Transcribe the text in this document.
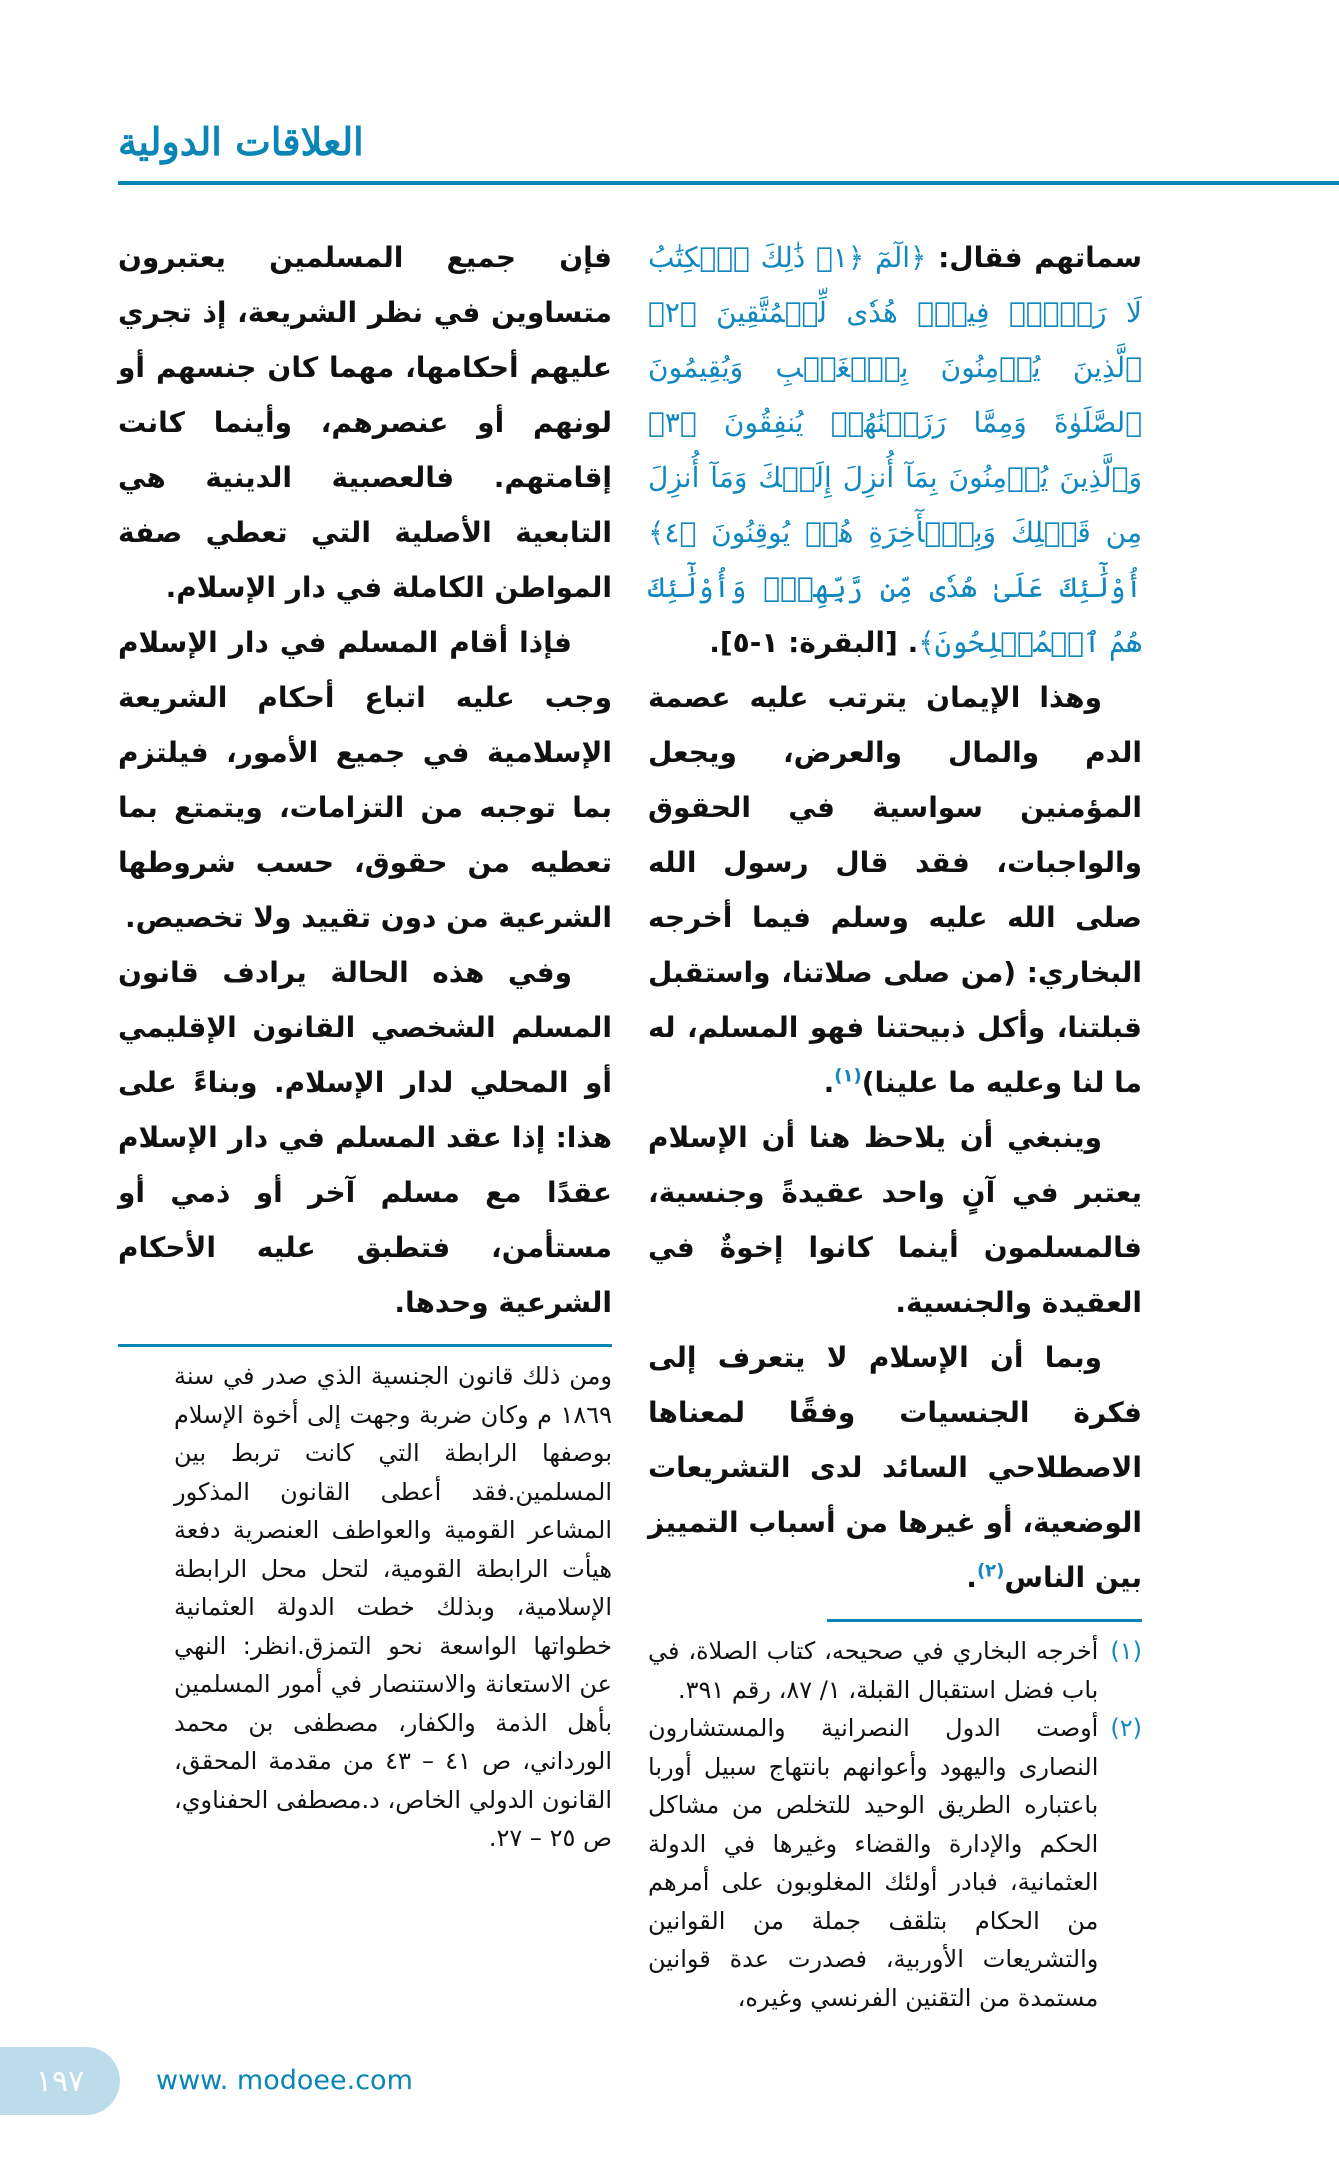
العلاقات الدولية

فإن جميع المسلمين يعتبرون متساوين في نظر الشريعة، إذ تجري عليهم أحكامها، مهما كان جنسهم أو لونهم أو عنصرهم، وأينما كانت إقامتهم. فالعصبية الدينية هي التابعية الأصلية التي تعطي صفة المواطن الكاملة في دار الإسلام.

فإذا أقام المسلم في دار الإسلام وجب عليه اتباع أحكام الشريعة الإسلامية في جميع الأمور، فيلتزم بما توجبه من التزامات، ويتمتع بما تعطيه من حقوق، حسب شروطها الشرعية من دون تقييد ولا تخصيص.

وفي هذه الحالة يرادف قانون المسلم الشخصي القانون الإقليمي أو المحلي لدار الإسلام. وبناءً على هذا: إذا عقد المسلم في دار الإسلام عقدًا مع مسلم آخر أو ذمي أو مستأمن، فتطبق عليه الأحكام الشرعية وحدها.

ومن ذلك قانون الجنسية الذي صدر في سنة ١٨٦٩ م وكان ضربة وجهت إلى أخوة الإسلام بوصفها الرابطة التي كانت تربط بين المسلمين.فقد أعطى القانون المذكور المشاعر القومية والعواطف العنصرية دفعة هيأت الرابطة القومية، لتحل محل الرابطة الإسلامية، وبذلك خطت الدولة العثمانية خطواتها الواسعة نحو التمزق.انظر: النهي عن الاستعانة والاستنصار في أمور المسلمين بأهل الذمة والكفار، مصطفى بن محمد الورداني، ص ٤١ – ٤٣ من مقدمة المحقق، القانون الدولي الخاص، د.مصطفى الحفناوي، ص ٢٥ – ٢٧.

سماتهم فقال: ﴿الٓمٓ ﴿١﴾ ذَٰلِكَ ٱلۡكِتَٰبُ لَا رَيۡبَۛ فِيهِۛ هُدٗى لِّلۡمُتَّقِينَ ﴿٢﴾ ٱلَّذِينَ يُؤۡمِنُونَ بِٱلۡغَيۡبِ وَيُقِيمُونَ ٱلصَّلَوٰةَ وَمِمَّا رَزَقۡنَٰهُمۡ يُنفِقُونَ ﴿٣﴾ وَٱلَّذِينَ يُؤۡمِنُونَ بِمَآ أُنزِلَ إِلَيۡكَ وَمَآ أُنزِلَ مِن قَبۡلِكَ وَبِٱلۡأٓخِرَةِ هُمۡ يُوقِنُونَ ﴿٤﴾ أُوْلَٰٓئِكَ عَلَىٰ هُدٗى مِّن رَّبِّهِمۡۖ وَأُوْلَٰٓئِكَ هُمُ ٱلۡمُفۡلِحُونَ﴾. [البقرة: ١-٥].

وهذا الإيمان يترتب عليه عصمة الدم والمال والعرض، ويجعل المؤمنين سواسية في الحقوق والواجبات، فقد قال رسول الله صلى الله عليه وسلم فيما أخرجه البخاري: (من صلى صلاتنا، واستقبل قبلتنا، وأكل ذبيحتنا فهو المسلم، له ما لنا وعليه ما علينا)$^{(١)}$.

وينبغي أن يلاحظ هنا أن الإسلام يعتبر في آنٍ واحد عقيدةً وجنسية، فالمسلمون أينما كانوا إخوةٌ في العقيدة والجنسية.

وبما أن الإسلام لا يتعرف إلى فكرة الجنسيات وفقًا لمعناها الاصطلاحي السائد لدى التشريعات الوضعية، أو غيرها من أسباب التمييز بين الناس$^{(٢)}$.

(١)
أخرجه البخاري في صحيحه، كتاب الصلاة، في باب فضل استقبال القبلة، ١/ ٨٧، رقم ٣٩١.
(٢)
أوصت الدول النصرانية والمستشارون النصارى واليهود وأعوانهم بانتهاج سبيل أوربا باعتباره الطريق الوحيد للتخلص من مشاكل الحكم والإدارة والقضاء وغيرها في الدولة العثمانية، فبادر أولئك المغلوبون على أمرهم من الحكام بتلقف جملة من القوانين والتشريعات الأوربية، فصدرت عدة قوانين مستمدة من التقنين الفرنسي وغيره،
١٩٧	www. modoee.com
